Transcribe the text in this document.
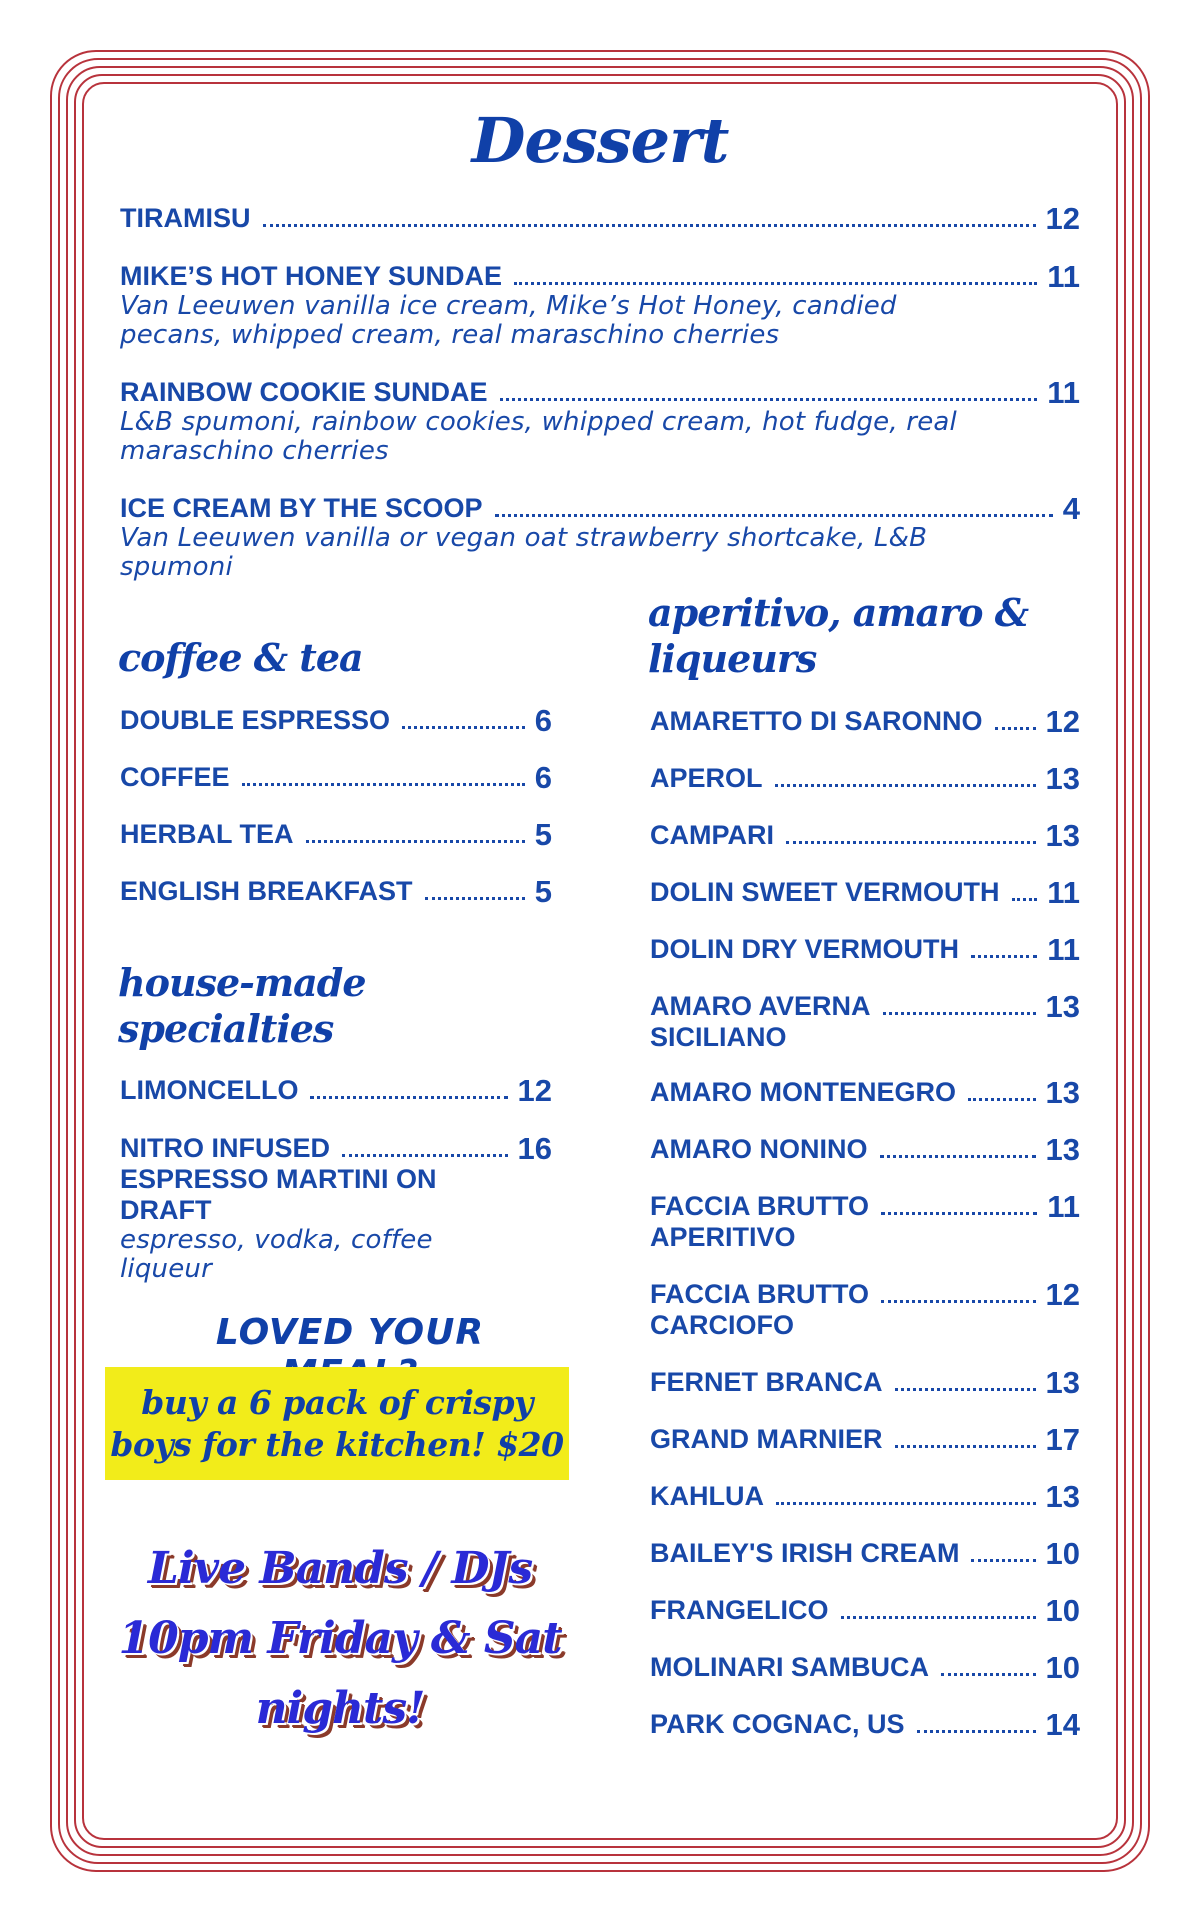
Dessert
TIRAMISU	12
MIKE’S HOT HONEY SUNDAE	11
Van Leeuwen vanilla ice cream, Mike’s Hot Honey, candied pecans, whipped cream, real maraschino cherries
RAINBOW COOKIE SUNDAE	11
L&B spumoni, rainbow cookies, whipped cream, hot fudge, real maraschino cherries
ICE CREAM BY THE SCOOP	4
Van Leeuwen vanilla or vegan oat strawberry shortcake, L&B spumoni
coffee & tea
DOUBLE ESPRESSO	6
COFFEE	6
HERBAL TEA	5
ENGLISH BREAKFAST	5
house-made
specialties
LIMONCELLO	12
NITRO INFUSED	16
ESPRESSO MARTINI ON DRAFT
espresso, vodka, coffee liqueur
LOVED YOUR
buy a 6 pack of crispy
boys for the kitchen! $20
Live Bands / DJs
10pm Friday & Sat
nights!
aperitivo, amaro &
liqueurs
AMARETTO DI SARONNO 12
APEROL	13
CAMPARI	13
DOLIN SWEET VERMOUTH 11
DOLIN DRY VERMOUTH	11
AMARO AVERNA	13
SICILIANO
AMARO MONTENEGRO	13
AMARO NONINO	13
FACCIA BRUTTO	11
APERITIVO
FACCIA BRUTTO	12
CARCIOFO
FERNET BRANCA	13
GRAND MARNIER	17
KAHLUA	13
BAILEY'S IRISH CREAM	10
FRANGELICO	10
MOLINARI SAMBUCA	10
PARK COGNAC, US	14
